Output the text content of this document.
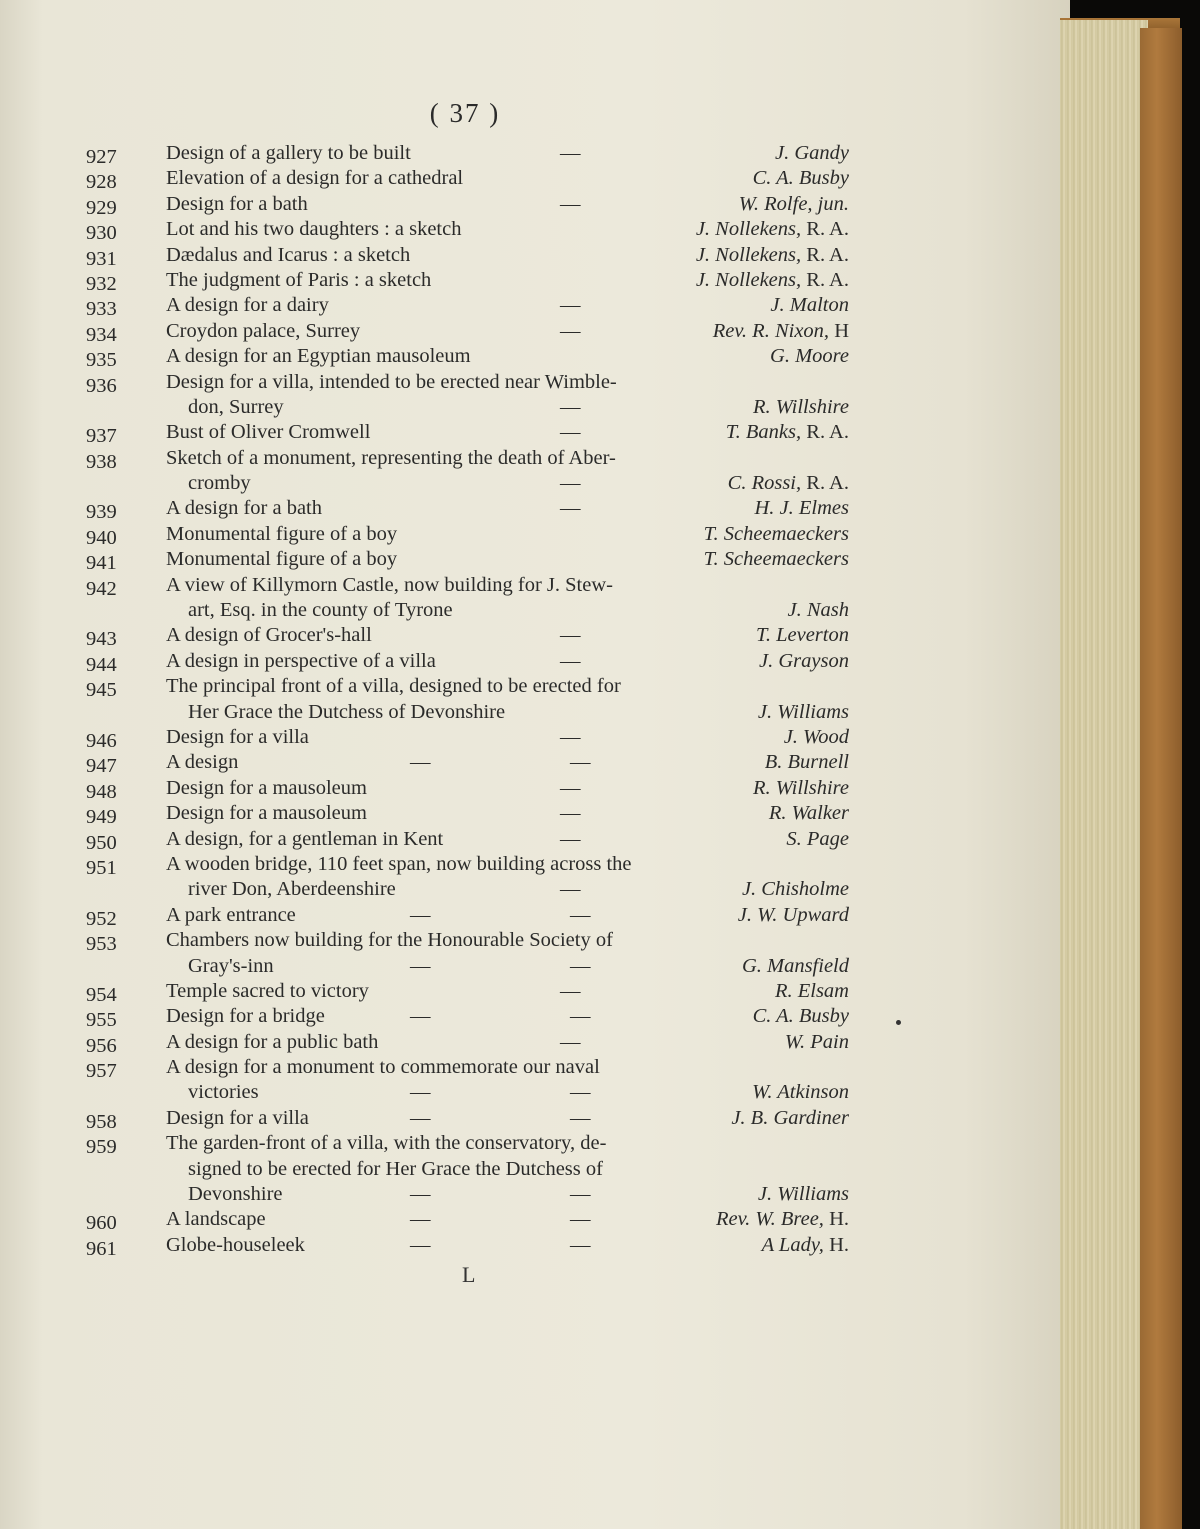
( 37 )
927 Design of a gallery to be built	—	J. Gandy
928 Elevation of a design for a cathedral	C. A. Busby
929 Design for a bath	—	W. Rolfe, jun.
930 Lot and his two daughters : a sketch	J. Nollekens, R. A.
931 Dædalus and Icarus : a sketch	J. Nollekens, R. A.
932 The judgment of Paris : a sketch	J. Nollekens, R. A.
933 A design for a dairy	—	J. Malton
934 Croydon palace, Surrey	—	Rev. R. Nixon, H
935 A design for an Egyptian mausoleum	G. Moore
936 Design for a villa, intended to be erected near Wimble-
don, Surrey	—	R. Willshire
937 Bust of Oliver Cromwell	—	T. Banks, R. A.
938 Sketch of a monument, representing the death of Aber-
cromby	—	C. Rossi, R. A.
939 A design for a bath	—	H. J. Elmes
940 Monumental figure of a boy	T. Scheemaeckers
941 Monumental figure of a boy	T. Scheemaeckers
942 A view of Killymorn Castle, now building for J. Stew-
art, Esq. in the county of Tyrone	J. Nash
943 A design of Grocer's-hall	—	T. Leverton
944 A design in perspective of a villa	—	J. Grayson
945 The principal front of a villa, designed to be erected for
Her Grace the Dutchess of Devonshire	J. Williams
946 Design for a villa	—	J. Wood
947 A design	—	—	B. Burnell
948 Design for a mausoleum	—	R. Willshire
949 Design for a mausoleum	—	R. Walker
950 A design, for a gentleman in Kent	—	S. Page
951 A wooden bridge, 110 feet span, now building across the
river Don, Aberdeenshire	—	J. Chisholme
952 A park entrance	—	—	J. W. Upward
953 Chambers now building for the Honourable Society of
Gray's-inn	—	—	G. Mansfield
954 Temple sacred to victory	—	R. Elsam
955 Design for a bridge	—	—	C. A. Busby
956 A design for a public bath	—	W. Pain
957 A design for a monument to commemorate our naval
victories	—	—	W. Atkinson
958 Design for a villa	—	—	J. B. Gardiner
959 The garden-front of a villa, with the conservatory, de-
signed to be erected for Her Grace the Dutchess of
Devonshire	—	—	J. Williams
960 A landscape	—	—	Rev. W. Bree, H.
961 Globe-houseleek	—	—	A Lady, H.
L
